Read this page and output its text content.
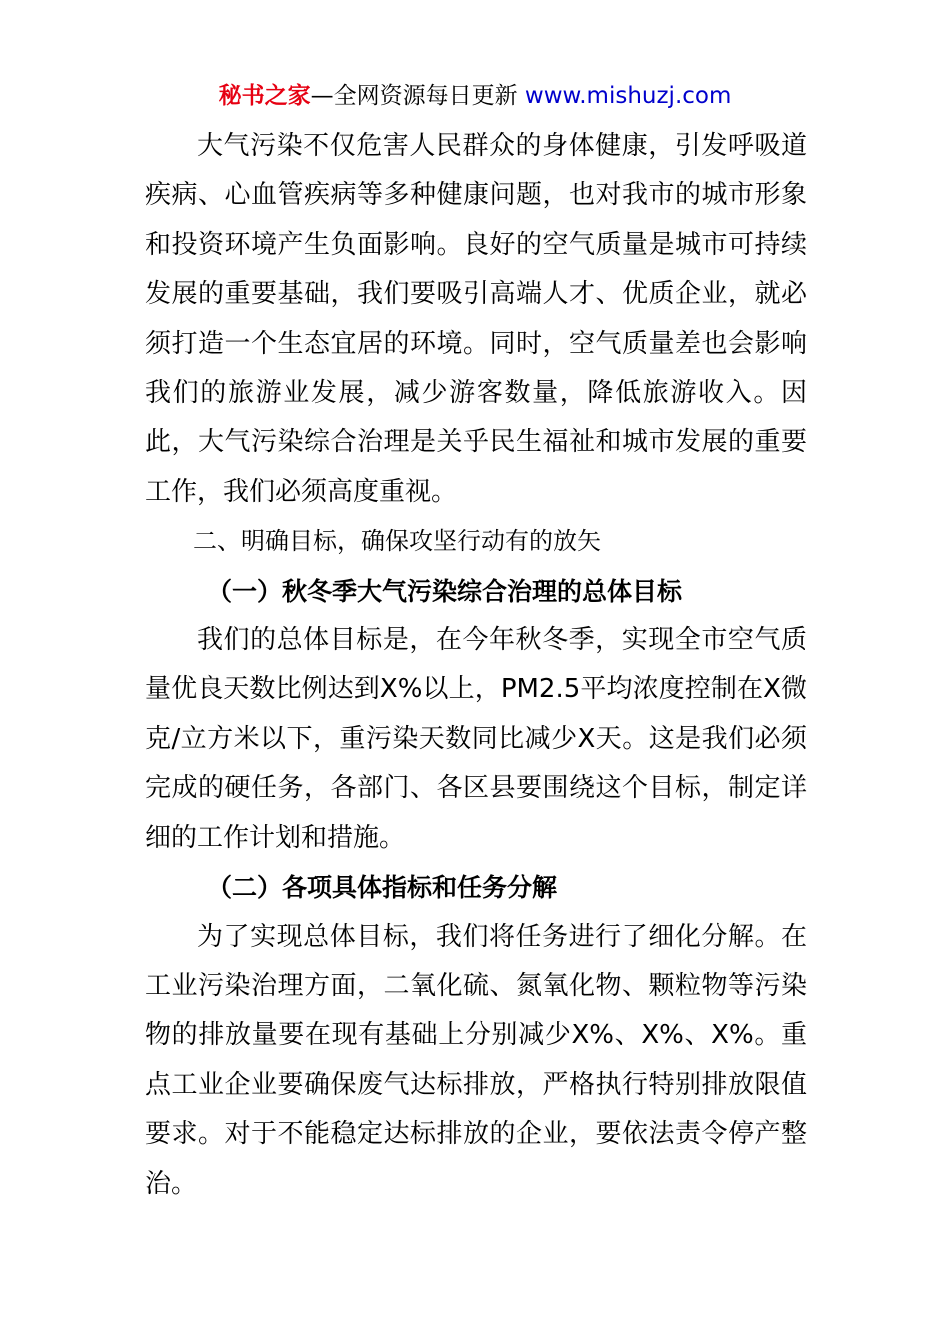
秘书之家—全网资源每日更新 www.mishuzj.com

大气污染不仅危害人民群众的身体健康，引发呼吸道疾病、心血管疾病等多种健康问题，也对我市的城市形象和投资环境产生负面影响。良好的空气质量是城市可持续发展的重要基础，我们要吸引高端人才、优质企业，就必须打造一个生态宜居的环境。同时，空气质量差也会影响我们的旅游业发展，减少游客数量，降低旅游收入。因此，大气污染综合治理是关乎民生福祉和城市发展的重要工作，我们必须高度重视。

二、明确目标，确保攻坚行动有的放矢

（一）秋冬季大气污染综合治理的总体目标

我们的总体目标是，在今年秋冬季，实现全市空气质量优良天数比例达到X%以上，PM2.5平均浓度控制在X微克/立方米以下，重污染天数同比减少X天。这是我们必须完成的硬任务，各部门、各区县要围绕这个目标，制定详细的工作计划和措施。

（二）各项具体指标和任务分解

为了实现总体目标，我们将任务进行了细化分解。在工业污染治理方面，二氧化硫、氮氧化物、颗粒物等污染物的排放量要在现有基础上分别减少X%、X%、X%。重点工业企业要确保废气达标排放，严格执行特别排放限值要求。对于不能稳定达标排放的企业，要依法责令停产整治。
